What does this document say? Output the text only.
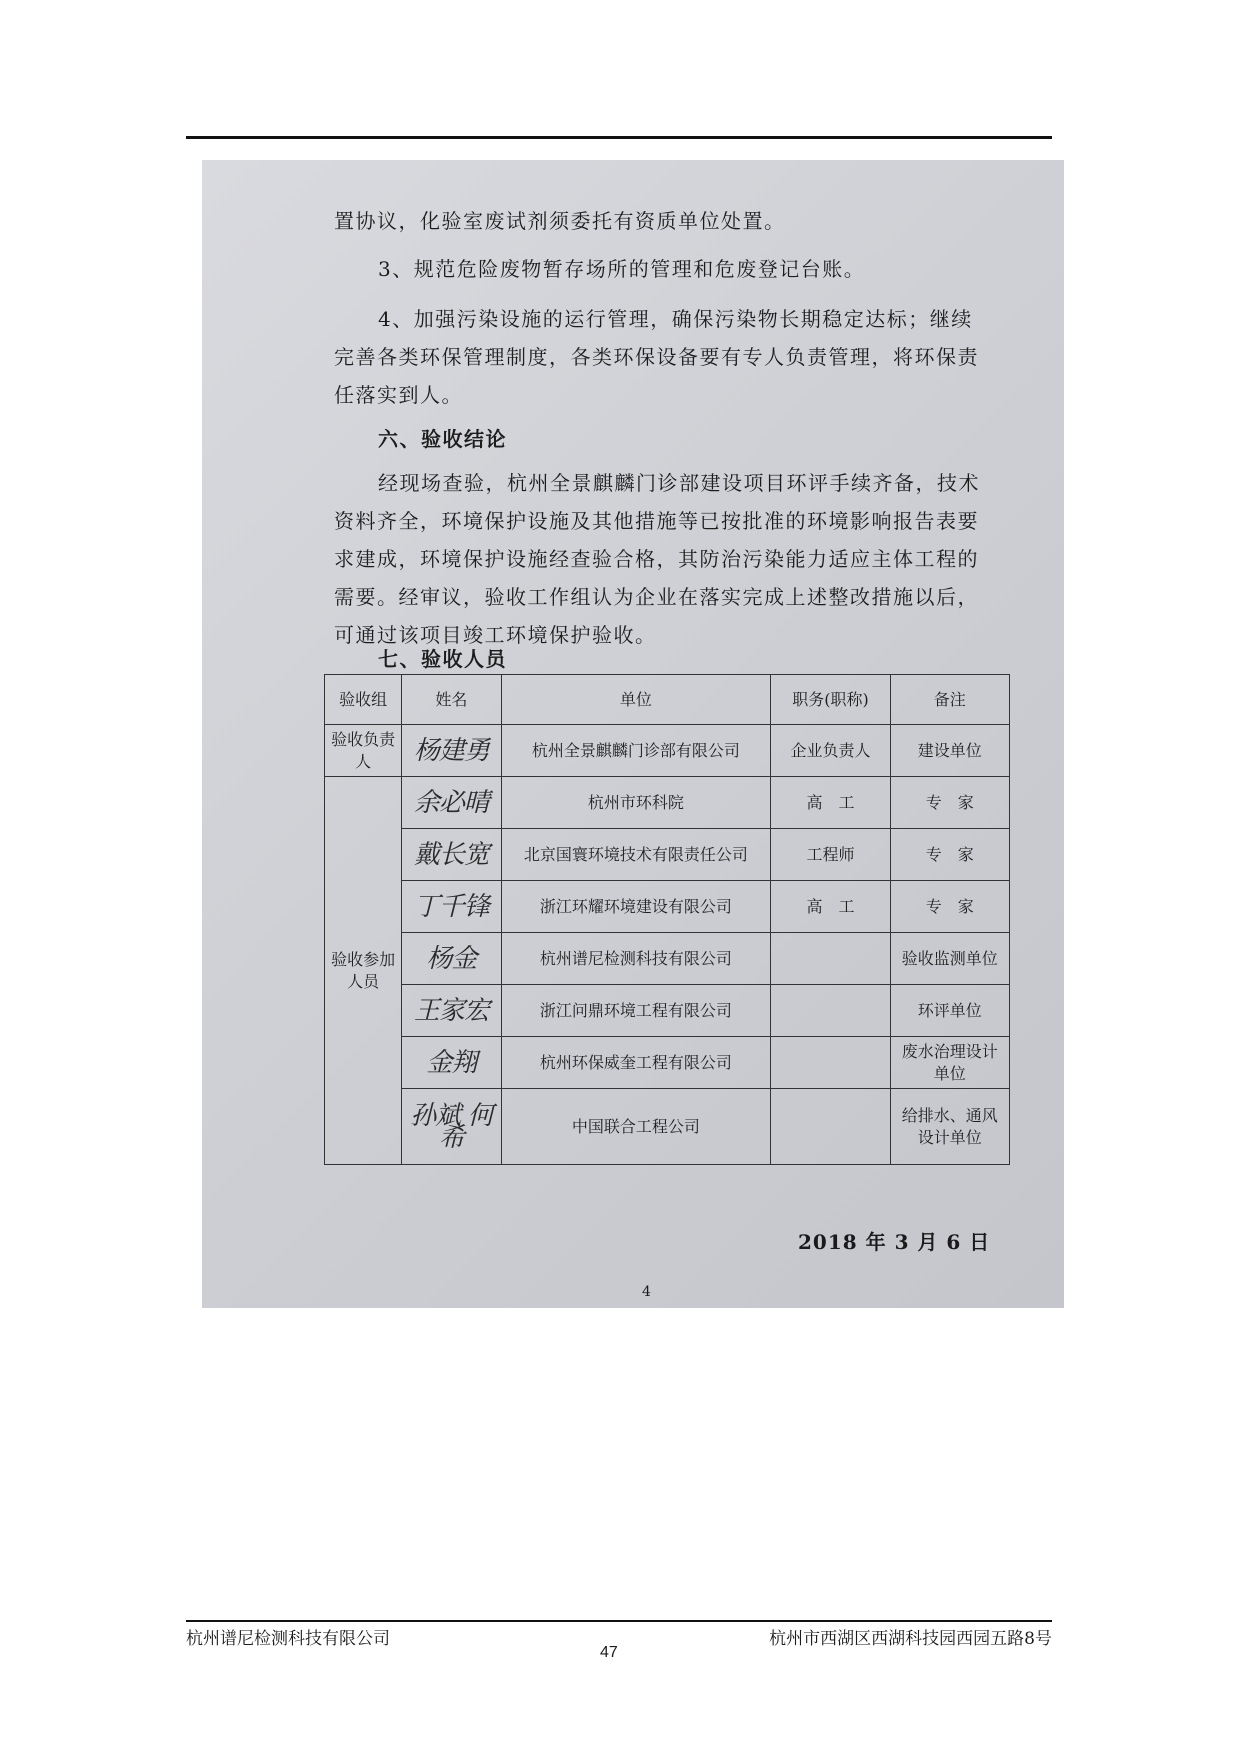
置协议，化验室废试剂须委托有资质单位处置。

3、规范危险废物暂存场所的管理和危废登记台账。

4、加强污染设施的运行管理，确保污染物长期稳定达标；继续

完善各类环保管理制度，各类环保设备要有专人负责管理，将环保责

任落实到人。

六、验收结论

经现场查验，杭州全景麒麟门诊部建设项目环评手续齐备，技术

资料齐全，环境保护设施及其他措施等已按批准的环境影响报告表要

求建成，环境保护设施经查验合格，其防治污染能力适应主体工程的

需要。经审议，验收工作组认为企业在落实完成上述整改措施以后，

可通过该项目竣工环境保护验收。

七、验收人员

验收组	姓名	单位	职务(职称)	备注
验收负责人	杨建勇	杭州全景麒麟门诊部有限公司	企业负责人	建设单位
验收参加人员	余必晴	杭州市环科院	高　工	专　家
	戴长宽	北京国寰环境技术有限责任公司	工程师	专　家
	丁千锋	浙江环耀环境建设有限公司	高　工	专　家
	杨金	杭州谱尼检测科技有限公司		验收监测单位
	王家宏	浙江问鼎环境工程有限公司		环评单位
	金翔	杭州环保威奎工程有限公司		废水治理设计单位
	孙斌 何希	中国联合工程公司		给排水、通风设计单位
2018 年 3 月 6 日
4
杭州谱尼检测科技有限公司	杭州市西湖区西湖科技园西园五路8号
47
